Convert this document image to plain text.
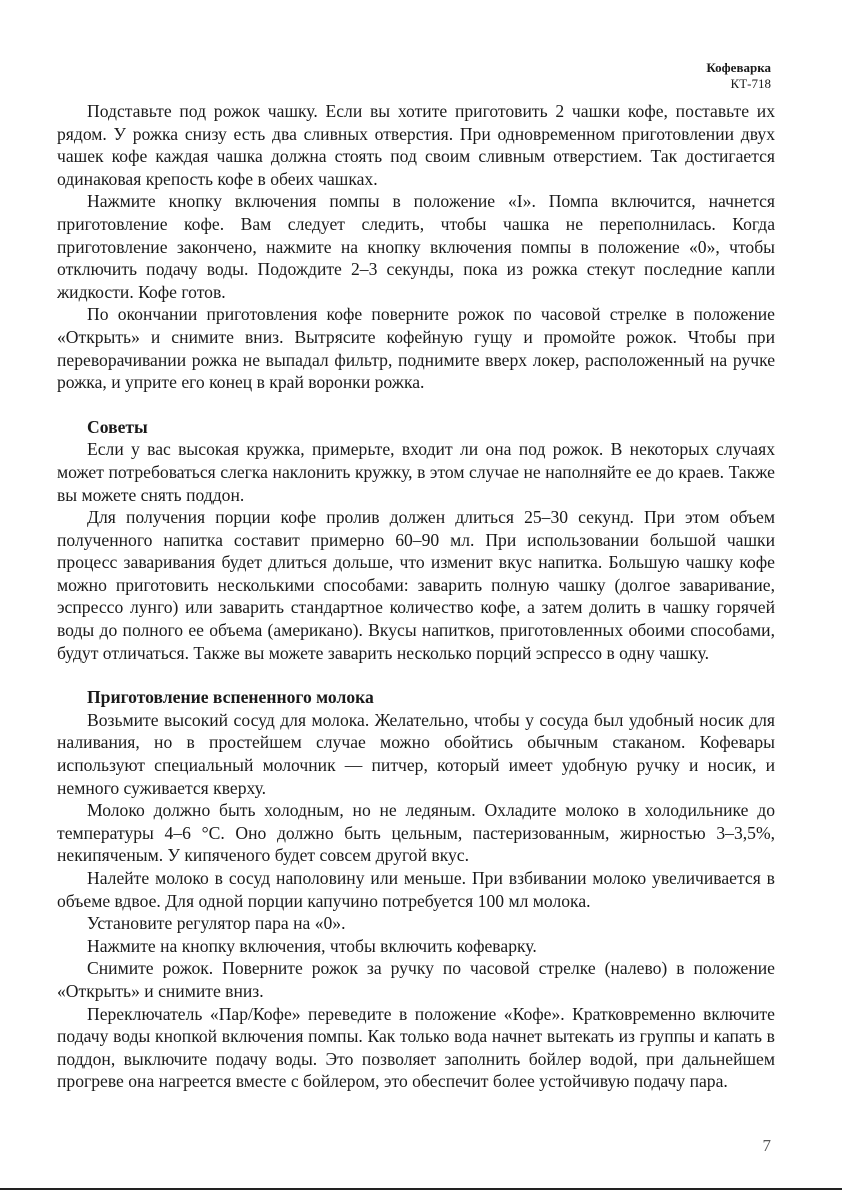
Кофеварка
КТ-718

Подставьте под рожок чашку. Если вы хотите приготовить 2 чашки кофе, поставьте их рядом. У рожка снизу есть два сливных отверстия. При одновременном приготовлении двух чашек кофе каждая чашка должна стоять под своим сливным отверстием. Так достигается одинаковая крепость кофе в обеих чашках.

Нажмите кнопку включения помпы в положение «I». Помпа включится, начнется приготовление кофе. Вам следует следить, чтобы чашка не переполнилась. Когда приготовление закончено, нажмите на кнопку включения помпы в положение «0», чтобы отключить подачу воды. Подождите 2–3 секунды, пока из рожка стекут последние капли жидкости. Кофе готов.

По окончании приготовления кофе поверните рожок по часовой стрелке в положение «Открыть» и снимите вниз. Вытрясите кофейную гущу и промойте рожок. Чтобы при переворачивании рожка не выпадал фильтр, поднимите вверх локер, расположенный на ручке рожка, и уприте его конец в край воронки рожка.

Советы

Если у вас высокая кружка, примерьте, входит ли она под рожок. В некоторых случаях может потребоваться слегка наклонить кружку, в этом случае не наполняйте ее до краев. Также вы можете снять поддон.

Для получения порции кофе пролив должен длиться 25–30 секунд. При этом объем полученного напитка составит примерно 60–90 мл. При использовании большой чашки процесс заваривания будет длиться дольше, что изменит вкус напитка. Большую чашку кофе можно приготовить несколькими способами: заварить полную чашку (долгое заваривание, эспрессо лунго) или заварить стандартное количество кофе, а затем долить в чашку горячей воды до полного ее объема (американо). Вкусы напитков, приготовленных обоими способами, будут отличаться. Также вы можете заварить несколько порций эспрессо в одну чашку.

Приготовление вспененного молока

Возьмите высокий сосуд для молока. Желательно, чтобы у сосуда был удобный носик для наливания, но в простейшем случае можно обойтись обычным стаканом. Кофевары используют специальный молочник — питчер, который имеет удобную ручку и носик, и немного суживается кверху.

Молоко должно быть холодным, но не ледяным. Охладите молоко в холодильнике до температуры 4–6 °С. Оно должно быть цельным, пастеризованным, жирностью 3–3,5%, некипяченым. У кипяченого будет совсем другой вкус.

Налейте молоко в сосуд наполовину или меньше. При взбивании молоко увеличивается в объеме вдвое. Для одной порции капучино потребуется 100 мл молока.

Установите регулятор пара на «0».

Нажмите на кнопку включения, чтобы включить кофеварку.

Снимите рожок. Поверните рожок за ручку по часовой стрелке (налево) в положение «Открыть» и снимите вниз.

Переключатель «Пар/Кофе» переведите в положение «Кофе». Кратковременно включите подачу воды кнопкой включения помпы. Как только вода начнет вытекать из группы и капать в поддон, выключите подачу воды. Это позволяет заполнить бойлер водой, при дальнейшем прогреве она нагреется вместе с бойлером, это обеспечит более устойчивую подачу пара.

7
